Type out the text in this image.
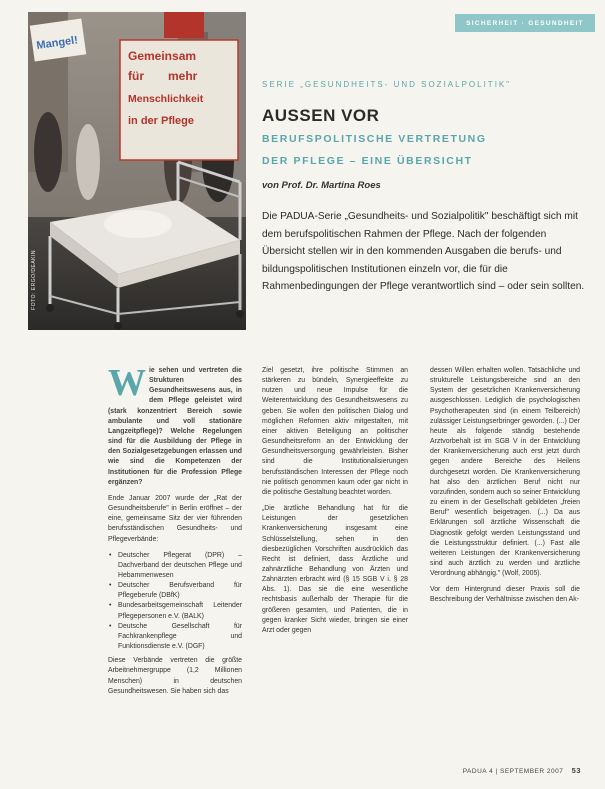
SICHERHEIT · GESUNDHEIT
Mangel!
Gemeinsam
für mehr
Menschlichkeit
in der Pflege
FOTO: ERGO/DEAKIN
SERIE „GESUNDHEITS- UND SOZIALPOLITIK"
AUSSEN VOR
BERUFSPOLITISCHE VERTRETUNG
DER PFLEGE – EINE ÜBERSICHT
von Prof. Dr. Martina Roes
Die PADUA-Serie „Gesundheits- und Sozialpolitik" beschäftigt sich mit dem berufspolitischen Rahmen der Pflege. Nach der folgenden Übersicht stellen wir in den kommenden Ausgaben die berufs- und bildungspolitischen Institutionen einzeln vor, die für die Rahmenbedingungen der Pflege verantwortlich sind – oder sein sollten.

W ie sehen und vertreten die Strukturen des Gesundheitswesens aus, in dem Pflege geleistet wird (stark konzentriert Bereich sowie ambulante und voll stationäre Langzeitpflege)? Welche Regelungen sind für die Ausbildung der Pflege in den Sozialgesetzgebungen erlassen und wie sind die Kompetenzen der Institutionen für die Profession Pflege ergänzen?

Ende Januar 2007 wurde der „Rat der Gesundheitsberufe" in Berlin eröffnet – der eine, gemeinsame Sitz der vier führenden berufsständischen Gesundheits- und Pflegeverbände:

• Deutscher Pflegerat (DPR) – Dachverband der deutschen Pflege und Hebammenwesen
• Deutscher Berufsverband für Pflegeberufe (DBfK)
• Bundesarbeitsgemeinschaft Leitender Pflegepersonen e.V. (BALK)
• Deutsche Gesellschaft für Fachkrankenpflege und Funktionsdienste e.V. (DGF)

Diese Verbände vertreten die größte Arbeitnehmergruppe (1,2 Millionen Menschen) in deutschen Gesundheitswesen. Sie haben sich das

Ziel gesetzt, ihre politische Stimmen an stärkeren zu bündeln, Synergieeffekte zu nutzen und neue Impulse für die Weiterentwicklung des Gesundheitswesens zu geben. Sie wollen den politischen Dialog und möglichen Reformen aktiv mitgestalten, mit einer aktiven Beteiligung an politischer Gesundheitsreform an der Entwicklung der Gesundheitsversorgung gewährleisten. Bisher sind die Institutionalisierungen berufsständischen Interessen der Pflege noch nie politisch genommen kaum oder gar nicht in die politische Gestaltung beachtet worden.

„Die ärztliche Behandlung hat für die Leistungen der gesetzlichen Krankenversicherung insgesamt eine Schlüsselstellung, sehen in den diesbezüglichen Vorschriften ausdrücklich das Recht ist definiert, dass Ärztliche und zahnärztliche Behandlung von Ärzten und Zahnärzten erbracht wird (§ 15 SGB V i. § 28 Abs. 1). Das sie die eine wesentliche rechtsbasis außerhalb der Therapie für die größeren gesamten, und Patienten, die in gegen kranker Sicht wieder, bringen sie einer Arzt oder gegen

dessen Willen erhalten wollen. Tatsächliche und strukturelle Leistungsbereiche sind an den System der gesetzlichen Krankenversicherung ausgeschlossen. Lediglich die psychologischen Psychotherapeuten sind (in einem Teilbereich) zulässiger Leistungserbringer geworden. (...) Der heute als folgende ständig bestehende Arztvorbehalt ist im SGB V in der Entwicklung der Krankenversicherung auch erst jetzt durch gegen andere Bereiche des Heilens durchgesetzt worden. Die Krankenversicherung hat also den ärztlichen Beruf nicht nur vorzufinden, sondern auch so seiner Entwicklung zu einem in der Gesellschaft gebildeten „freien Beruf" wesentlich beigetragen. (...) Da aus Erklärungen soll ärztliche Wissenschaft die Diagnostik gefolgt werden Leistungsstand und die Leistungsstruktur definiert. (...) Fast alle weiteren Leistungen der Krankenversicherung sind auch ärztlich zu werden und ärztliche Verordnung abhängig." (Wolf, 2005).

Vor dem Hintergrund dieser Praxis soll die Beschreibung der Verhältnisse zwischen den Ak-

PADUA 4 | SEPTEMBER 2007 53
